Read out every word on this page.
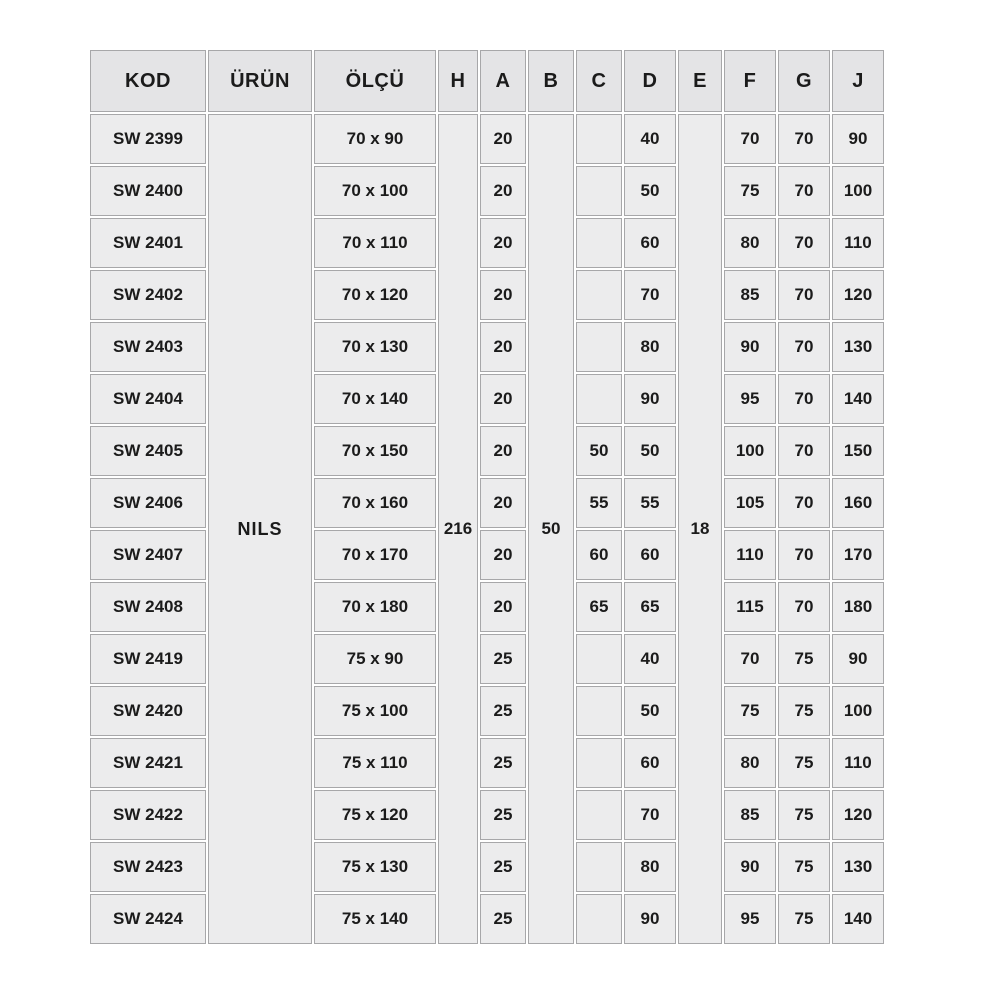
KOD	ÜRÜN	ÖLÇÜ	H	A	B	C	D	E	F	G	J
SW 2399	NILS	70 x 90	216	20	50		40	18	70	70	90
SW 2400		70 x 100		20			50		75	70	100
SW 2401		70 x 110		20			60		80	70	110
SW 2402		70 x 120		20			70		85	70	120
SW 2403		70 x 130		20			80		90	70	130
SW 2404		70 x 140		20			90		95	70	140
SW 2405		70 x 150		20		50	50		100	70	150
SW 2406		70 x 160		20		55	55		105	70	160
SW 2407		70 x 170		20		60	60		110	70	170
SW 2408		70 x 180		20		65	65		115	70	180
SW 2419		75 x 90		25			40		70	75	90
SW 2420		75 x 100		25			50		75	75	100
SW 2421		75 x 110		25			60		80	75	110
SW 2422		75 x 120		25			70		85	75	120
SW 2423		75 x 130		25			80		90	75	130
SW 2424		75 x 140		25			90		95	75	140
